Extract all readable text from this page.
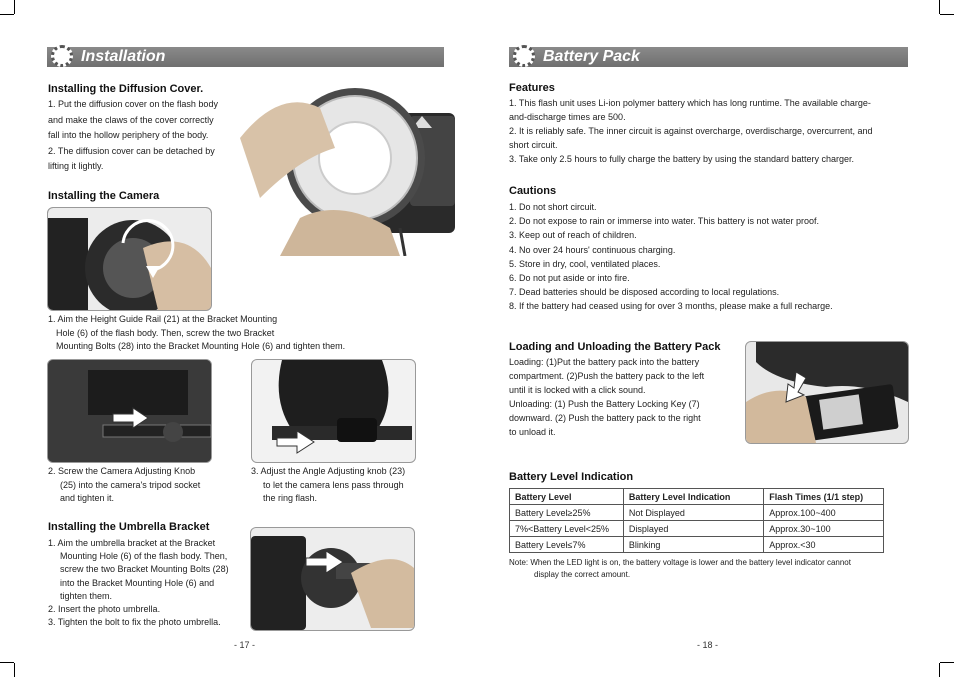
Installation
Installing the Diffusion Cover.
1. Put the diffusion cover on the flash body
and make the claws of the cover correctly
fall into the hollow periphery of the body.
2. The diffusion cover can be detached by
lifting it lightly.
Installing the Camera
1. Aim the Height Guide Rail (21) at the Bracket Mounting
Hole (6) of the flash body. Then, screw the two Bracket
Mounting Bolts (28) into the Bracket Mounting Hole (6) and tighten them.
2. Screw the Camera Adjusting Knob
(25) into the camera's tripod socket
and tighten it.
3. Adjust the Angle Adjusting knob (23)
to let the camera lens pass through
the ring flash.
Installing the Umbrella Bracket
1. Aim the umbrella bracket at the Bracket
Mounting Hole (6) of the flash body. Then,
screw the two Bracket Mounting Bolts (28)
into the Bracket Mounting Hole (6) and
tighten them.
2. Insert the photo umbrella.
3. Tighten the bolt to fix the photo umbrella.
- 17 -
Battery Pack
Features
1. This flash unit uses Li-ion polymer battery which has long runtime. The available charge-
and-discharge times are 500.
2. It is reliably safe. The inner circuit is against overcharge, overdischarge, overcurrent, and
short circuit.
3. Take only 2.5 hours to fully charge the battery by using the standard battery charger.
Cautions
1. Do not short circuit.
2. Do not expose to rain or immerse into water. This battery is not water proof.
3. Keep out of reach of children.
4. No over 24 hours' continuous charging.
5. Store in dry, cool, ventilated places.
6. Do not put aside or into fire.
7. Dead batteries should be disposed according to local regulations.
8. If the battery had ceased using for over 3 months, please make a full recharge.
Loading and Unloading the Battery Pack
Loading: (1)Put the battery pack into the battery
compartment. (2)Push the battery pack to the left
until it is locked with a click sound.
Unloading: (1) Push the Battery Locking Key (7)
downward. (2) Push the battery pack to the right
to unload it.
Battery Level Indication
Battery Level	Battery Level Indication	Flash Times (1/1 step)
Battery Level≥25%	Not Displayed	Approx.100~400
7%<Battery Level<25%	Displayed	Approx.30~100
Battery Level≤7%	Blinking	Approx.<30
Note: When the LED light is on, the battery voltage is lower and the battery level indicator cannot
display the correct amount.
- 18 -
